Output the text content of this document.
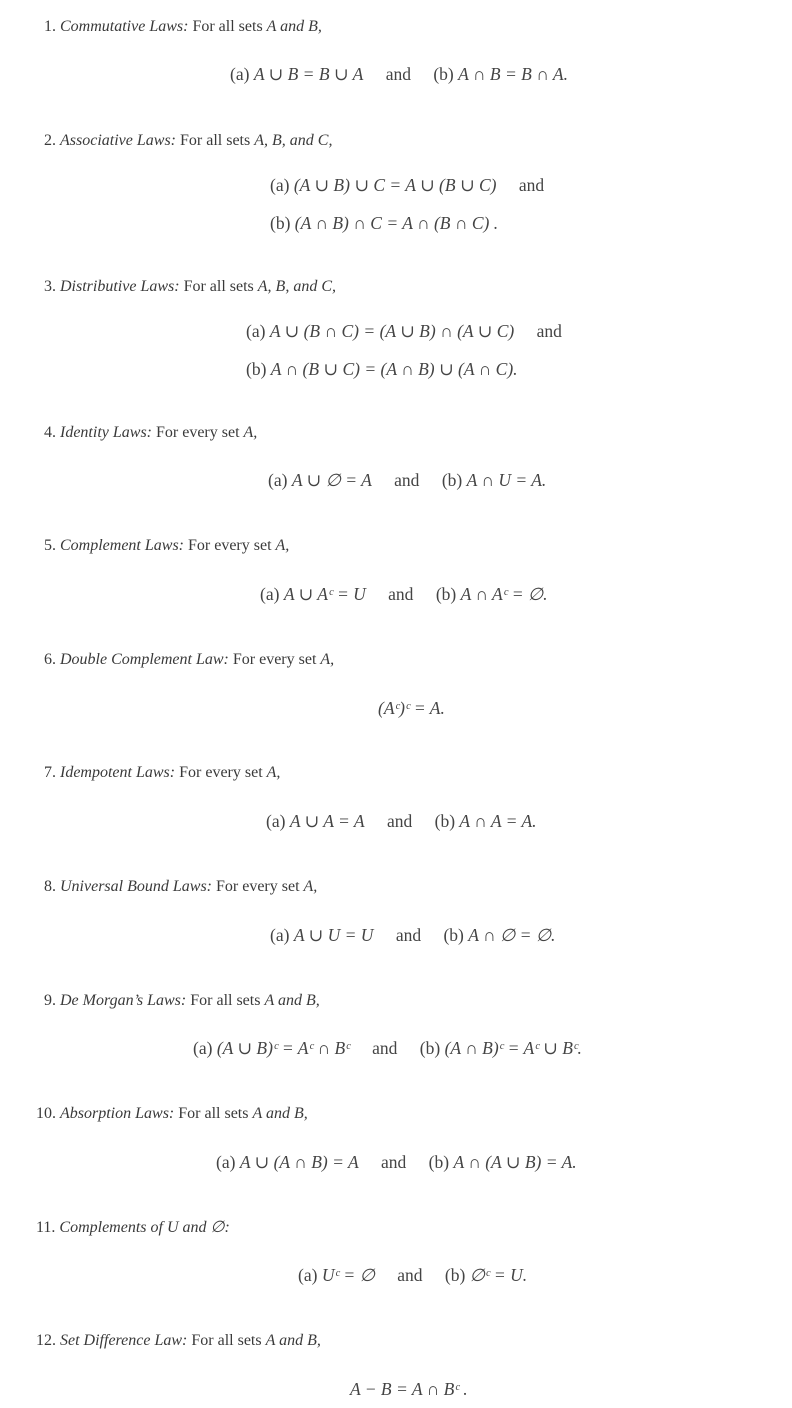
1. Commutative Laws: For all sets A and B,
(a) A ∪ B = B ∪ A and (b) A ∩ B = B ∩ A.
2. Associative Laws: For all sets A, B, and C,
(a) (A ∪ B) ∪ C = A ∪ (B ∪ C) and
(b) (A ∩ B) ∩ C = A ∩ (B ∩ C) .
3. Distributive Laws: For all sets A, B, and C,
(a) A ∪ (B ∩ C) = (A ∪ B) ∩ (A ∪ C) and
(b) A ∩ (B ∪ C) = (A ∩ B) ∪ (A ∩ C).
4. Identity Laws: For every set A,
(a) A ∪ ∅ = A and (b) A ∩ U = A.
5. Complement Laws: For every set A,
(a) A ∪ Aᶜ = U and (b) A ∩ Aᶜ = ∅.
6. Double Complement Law: For every set A,
(Aᶜ)ᶜ = A.
7. Idempotent Laws: For every set A,
(a) A ∪ A = A and (b) A ∩ A = A.
8. Universal Bound Laws: For every set A,
(a) A ∪ U = U and (b) A ∩ ∅ = ∅.
9. De Morgan’s Laws: For all sets A and B,
(a) (A ∪ B)ᶜ = Aᶜ ∩ Bᶜ and (b) (A ∩ B)ᶜ = Aᶜ ∪ Bᶜ.
10. Absorption Laws: For all sets A and B,
(a) A ∪ (A ∩ B) = A and (b) A ∩ (A ∪ B) = A.
11. Complements of U and ∅:
(a) Uᶜ = ∅ and (b) ∅ᶜ = U.
12. Set Difference Law: For all sets A and B,
A − B = A ∩ Bᶜ .
